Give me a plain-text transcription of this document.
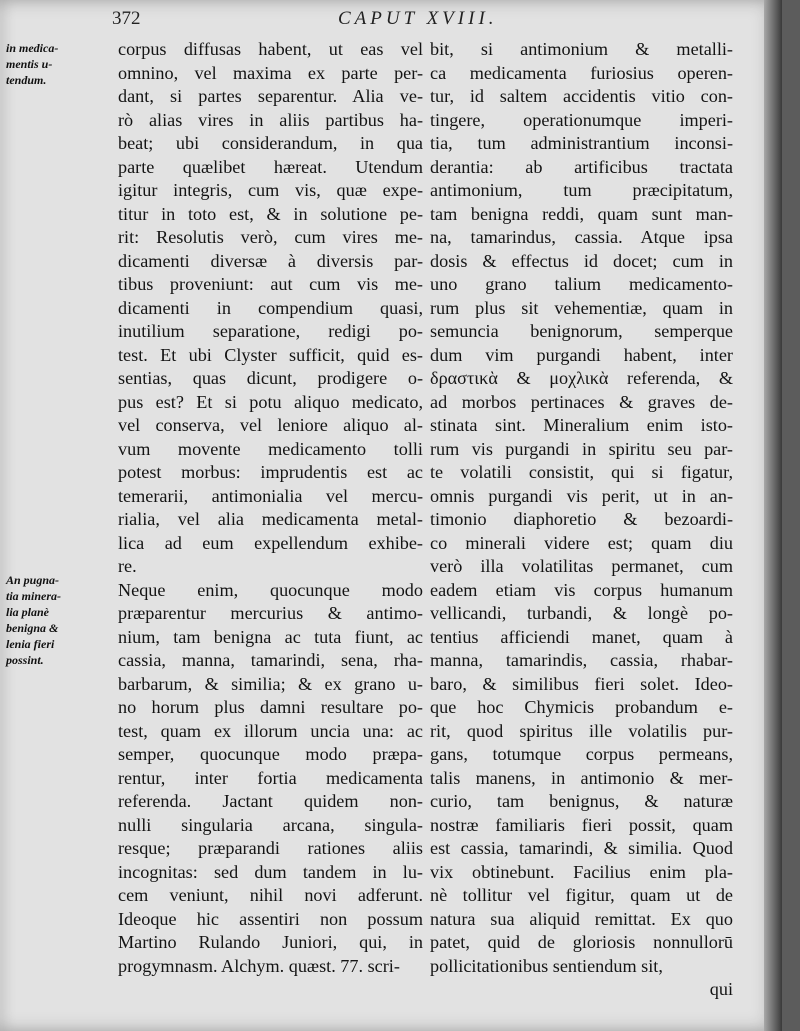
372	CAPUT XVIII.
in medica-
mentis u-
tendum.
An pugna-
tia minera-
lia planè
benigna &
lenia fieri
possint.
corpus diffusas habent, ut eas vel
omnino, vel maxima ex parte per-
dant, si partes separentur. Alia ve-
rò alias vires in aliis partibus ha-
beat; ubi considerandum, in qua
parte quælibet hæreat. Utendum
igitur integris, cum vis, quæ expe-
titur in toto est, & in solutione pe-
rit: Resolutis verò, cum vires me-
dicamenti diversæ à diversis par-
tibus proveniunt: aut cum vis me-
dicamenti in compendium quasi,
inutilium separatione, redigi po-
test. Et ubi Clyster sufficit, quid es-
sentias, quas dicunt, prodigere o-
pus est? Et si potu aliquo medicato,
vel conserva, vel leniore aliquo al-
vum movente medicamento tolli
potest morbus: imprudentis est ac
temerarii, antimonialia vel mercu-
rialia, vel alia medicamenta metal-
lica ad eum expellendum exhibe-
re.
Neque enim, quocunque modo
præparentur mercurius & antimo-
nium, tam benigna ac tuta fiunt, ac
cassia, manna, tamarindi, sena, rha-
barbarum, & similia; & ex grano u-
no horum plus damni resultare po-
test, quam ex illorum uncia una: ac
semper, quocunque modo præpa-
rentur, inter fortia medicamenta
referenda. Jactant quidem non-
nulli singularia arcana, singula-
resque; præparandi rationes aliis
incognitas: sed dum tandem in lu-
cem veniunt, nihil novi adferunt.
Ideoque hic assentiri non possum
Martino Rulando Juniori, qui, in
progymnasm. Alchym. quæst. 77. scri-
bit, si antimonium & metalli-
ca medicamenta furiosius operen-
tur, id saltem accidentis vitio con-
tingere, operationumque imperi-
tia, tum administrantium inconsi-
derantia: ab artificibus tractata
antimonium, tum præcipitatum,
tam benigna reddi, quam sunt man-
na, tamarindus, cassia. Atque ipsa
dosis & effectus id docet; cum in
uno grano talium medicamento-
rum plus sit vehementiæ, quam in
semuncia benignorum, semperque
dum vim purgandi habent, inter
δραστικὰ & μοχλικὰ referenda, &
ad morbos pertinaces & graves de-
stinata sint. Mineralium enim isto-
rum vis purgandi in spiritu seu par-
te volatili consistit, qui si figatur,
omnis purgandi vis perit, ut in an-
timonio diaphoretio & bezoardi-
co minerali videre est; quam diu
verò illa volatilitas permanet, cum
eadem etiam vis corpus humanum
vellicandi, turbandi, & longè po-
tentius afficiendi manet, quam à
manna, tamarindis, cassia, rhabar-
baro, & similibus fieri solet. Ideo-
que hoc Chymicis probandum e-
rit, quod spiritus ille volatilis pur-
gans, totumque corpus permeans,
talis manens, in antimonio & mer-
curio, tam benignus, & naturæ
nostræ familiaris fieri possit, quam
est cassia, tamarindi, & similia. Quod
vix obtinebunt. Facilius enim pla-
nè tollitur vel figitur, quam ut de
natura sua aliquid remittat. Ex quo
patet, quid de gloriosis nonnullorū
pollicitationibus sentiendum sit,
qui
